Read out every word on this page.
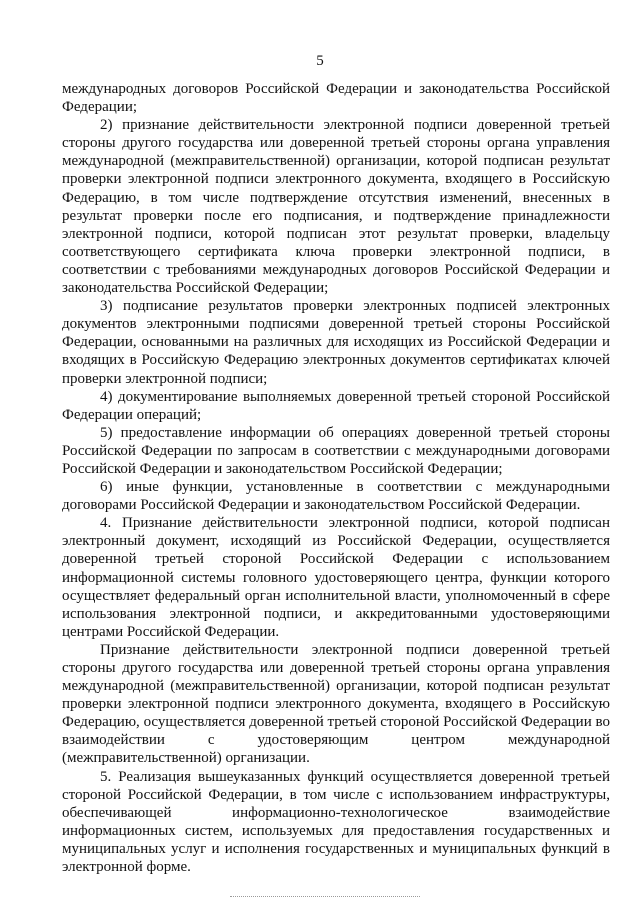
5

международных договоров Российской Федерации и законодательства Российской Федерации;

2) признание действительности электронной подписи доверенной третьей стороны другого государства или доверенной третьей стороны органа управления международной (межправительственной) организации, которой подписан результат проверки электронной подписи электронного документа, входящего в Российскую Федерацию, в том числе подтверждение отсутствия изменений, внесенных в результат проверки после его подписания, и подтверждение принадлежности электронной подписи, которой подписан этот результат проверки, владельцу соответствующего сертификата ключа проверки электронной подписи, в соответствии с требованиями международных договоров Российской Федерации и законодательства Российской Федерации;

3) подписание результатов проверки электронных подписей электронных документов электронными подписями доверенной третьей стороны Российской Федерации, основанными на различных для исходящих из Российской Федерации и входящих в Российскую Федерацию электронных документов сертификатах ключей проверки электронной подписи;

4) документирование выполняемых доверенной третьей стороной Российской Федерации операций;

5) предоставление информации об операциях доверенной третьей стороны Российской Федерации по запросам в соответствии с международными договорами Российской Федерации и законодательством Российской Федерации;

6) иные функции, установленные в соответствии с международными договорами Российской Федерации и законодательством Российской Федерации.

4. Признание действительности электронной подписи, которой подписан электронный документ, исходящий из Российской Федерации, осуществляется доверенной третьей стороной Российской Федерации с использованием информационной системы головного удостоверяющего центра, функции которого осуществляет федеральный орган исполнительной власти, уполномоченный в сфере использования электронной подписи, и аккредитованными удостоверяющими центрами Российской Федерации.

Признание действительности электронной подписи доверенной третьей стороны другого государства или доверенной третьей стороны органа управления международной (межправительственной) организации, которой подписан результат проверки электронной подписи электронного документа, входящего в Российскую Федерацию, осуществляется доверенной третьей стороной Российской Федерации во взаимодействии с удостоверяющим центром международной (межправительственной) организации.

5. Реализация вышеуказанных функций осуществляется доверенной третьей стороной Российской Федерации, в том числе с использованием инфраструктуры, обеспечивающей информационно-технологическое взаимодействие информационных систем, используемых для предоставления государственных и муниципальных услуг и исполнения государственных и муниципальных функций в электронной форме.
